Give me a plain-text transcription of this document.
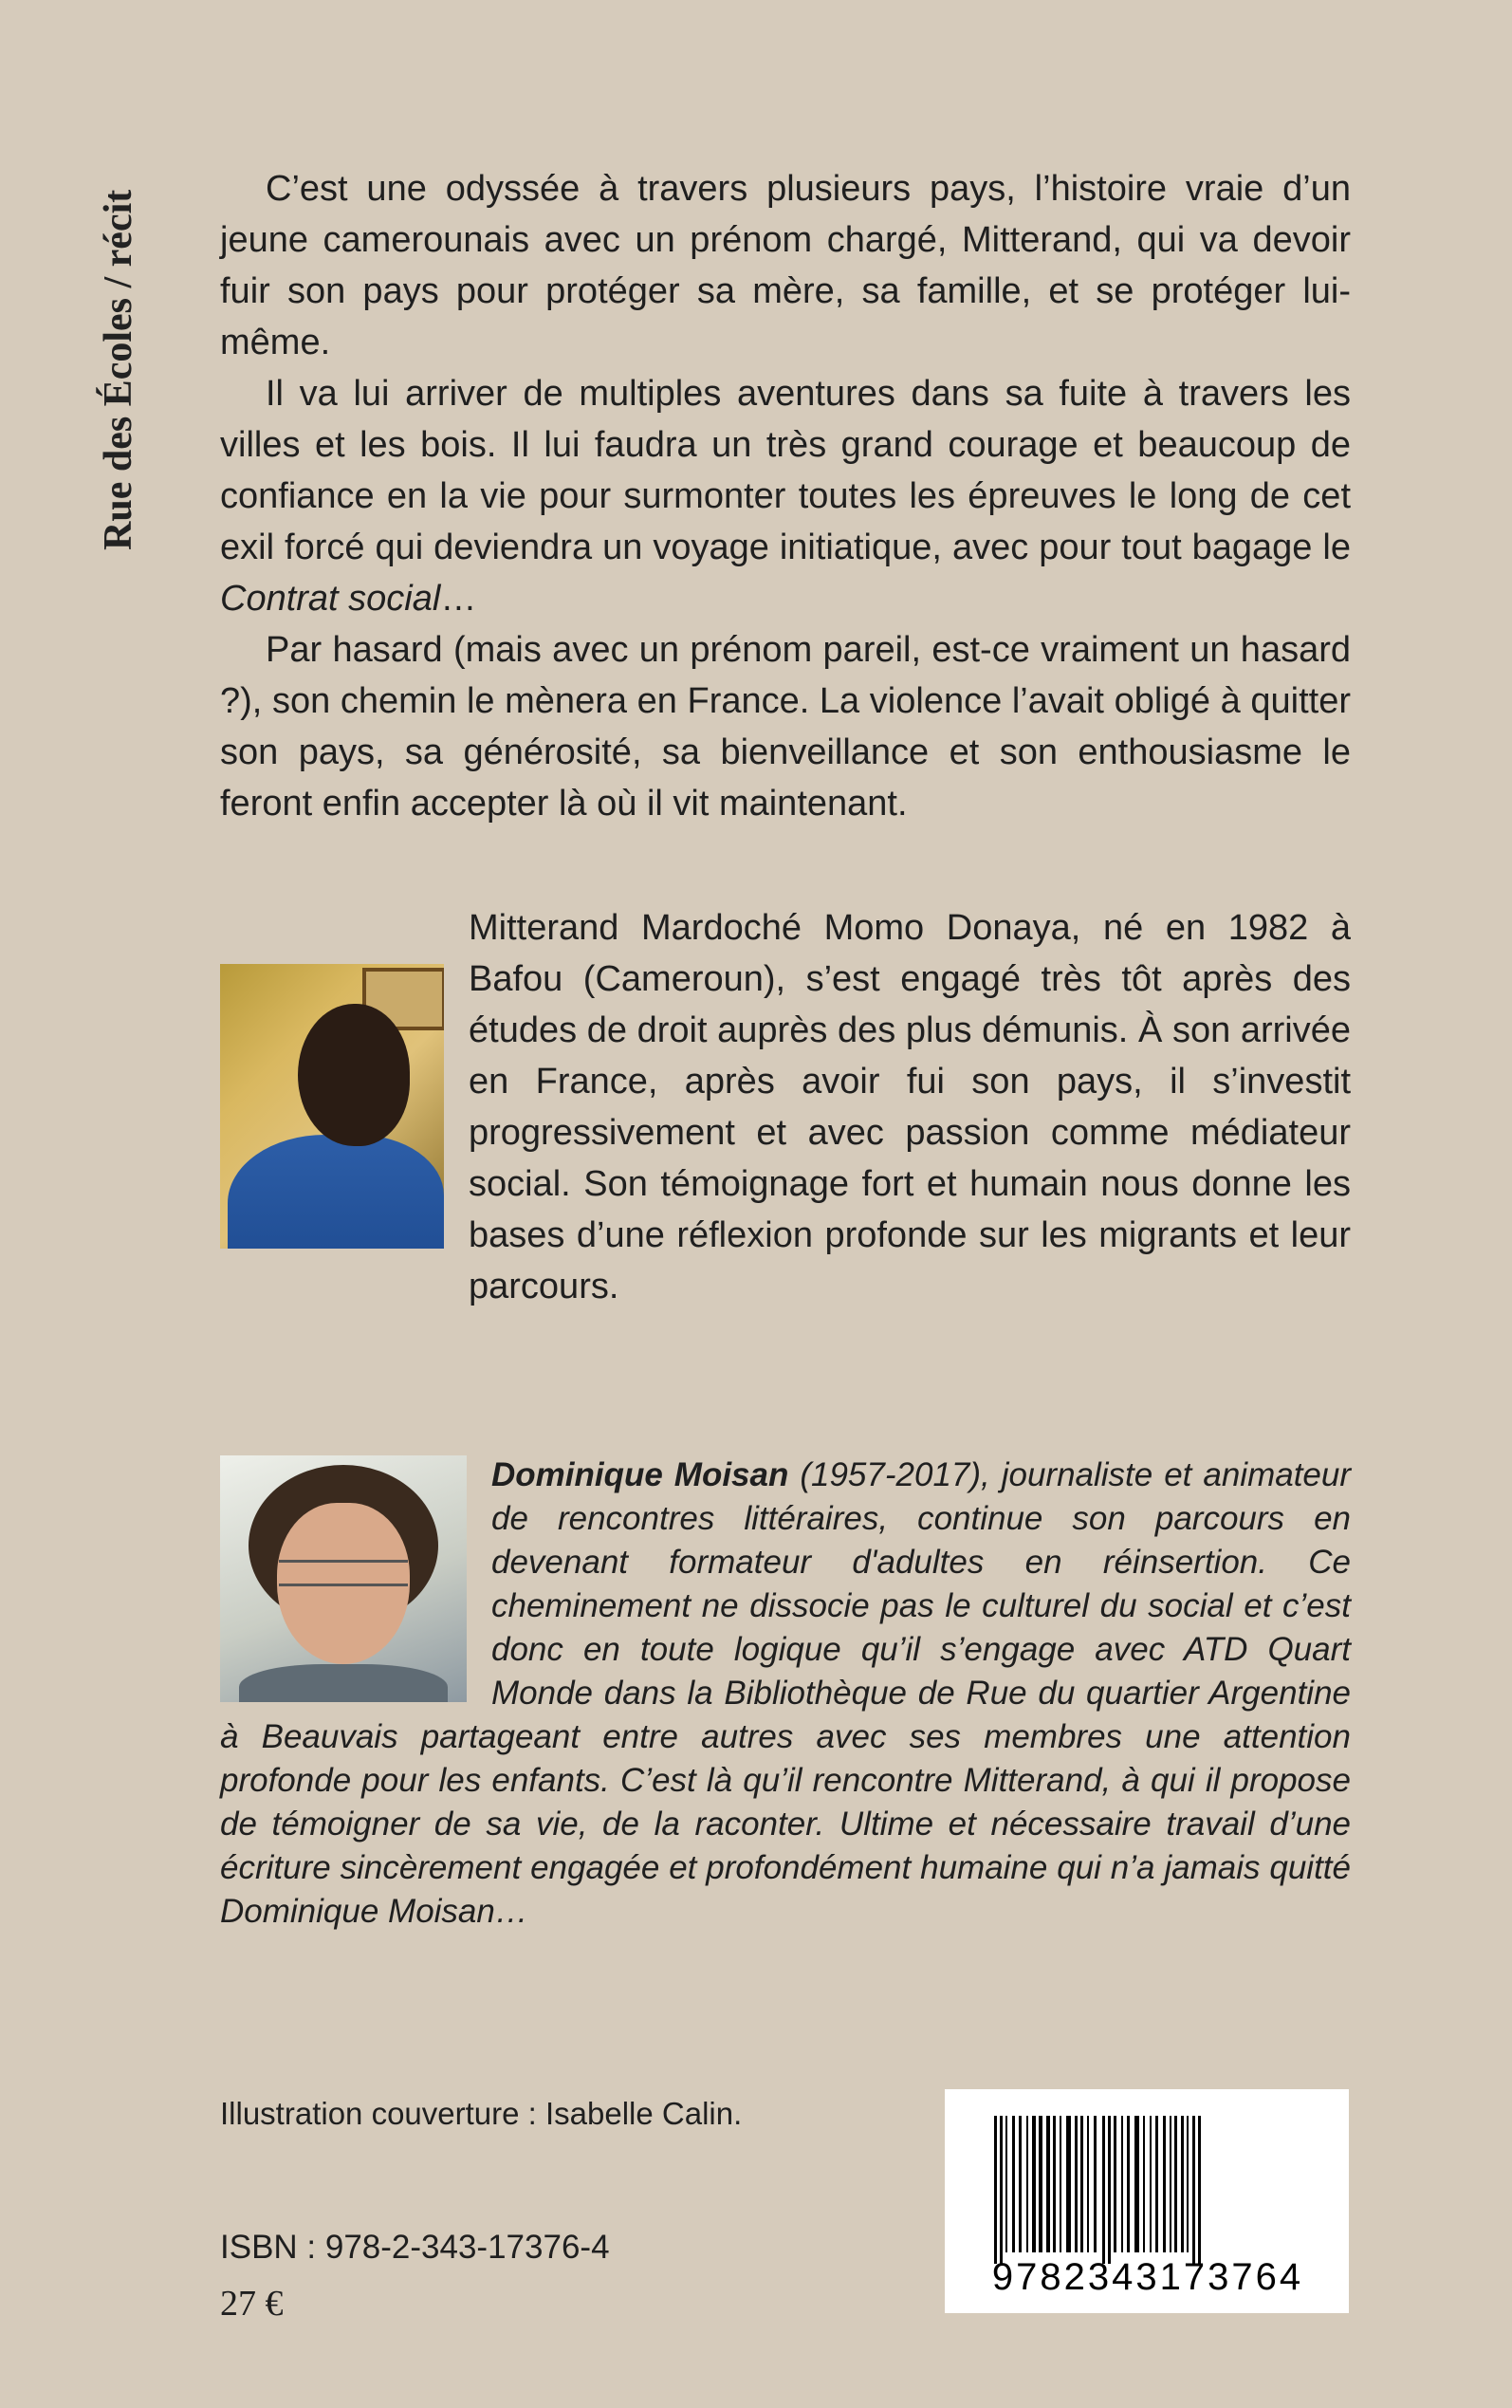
Rue des Écoles / récit

C’est une odyssée à travers plusieurs pays, l’histoire vraie d’un jeune camerounais avec un prénom chargé, Mitterand, qui va devoir fuir son pays pour protéger sa mère, sa famille, et se protéger lui-même.

Il va lui arriver de multiples aventures dans sa fuite à travers les villes et les bois. Il lui faudra un très grand courage et beaucoup de confiance en la vie pour surmonter toutes les épreuves le long de cet exil forcé qui deviendra un voyage initiatique, avec pour tout bagage le Contrat social…

Par hasard (mais avec un prénom pareil, est-ce vraiment un hasard ?), son chemin le mènera en France. La violence l’avait obligé à quitter son pays, sa générosité, sa bienveillance et son enthousiasme le feront enfin accepter là où il vit maintenant.

Mitterand Mardoché Momo Donaya, né en 1982 à Bafou (Cameroun), s’est engagé très tôt après des études de droit auprès des plus démunis. À son arrivée en France, après avoir fui son pays, il s’investit progressivement et avec passion comme médiateur social. Son témoignage fort et humain nous donne les bases d’une réflexion profonde sur les migrants et leur parcours.

Dominique Moisan (1957-2017), journaliste et animateur de rencontres littéraires, continue son parcours en devenant formateur d'adultes en réinsertion. Ce cheminement ne dissocie pas le culturel du social et c’est donc en toute logique qu’il s’engage avec ATD Quart Monde dans la Bibliothèque de Rue du quartier Argentine à Beauvais partageant entre autres avec ses membres une attention profonde pour les enfants. C’est là qu’il rencontre Mitterand, à qui il propose de témoigner de sa vie, de la raconter. Ultime et nécessaire travail d’une écriture sincèrement engagée et profondément humaine qui n’a jamais quitté Dominique Moisan…

Illustration couverture : Isabelle Calin.
ISBN : 978-2-343-17376-4
27 €
9782343173764
